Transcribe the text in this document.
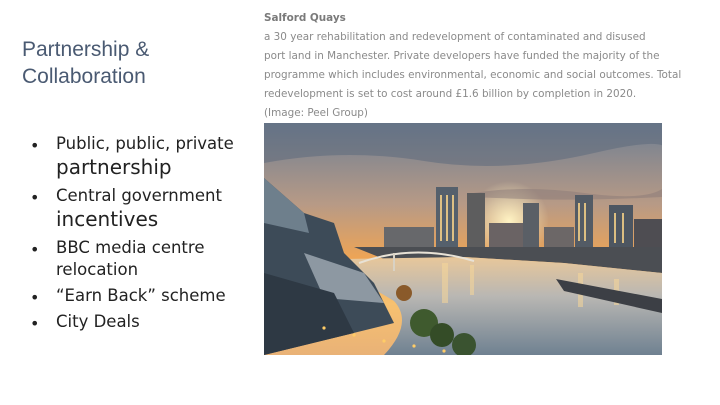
Partnership & Collaboration
• Public, public, private
partnership
• Central government
incentives
• BBC media centre
relocation
• “Earn Back” scheme
• City Deals
Salford Quays
a 30 year rehabilitation and redevelopment of contaminated and disused
port land in Manchester. Private developers have funded the majority of the
programme which includes environmental, economic and social outcomes. Total
redevelopment is set to cost around £1.6 billion by completion in 2020.
(Image: Peel Group)
